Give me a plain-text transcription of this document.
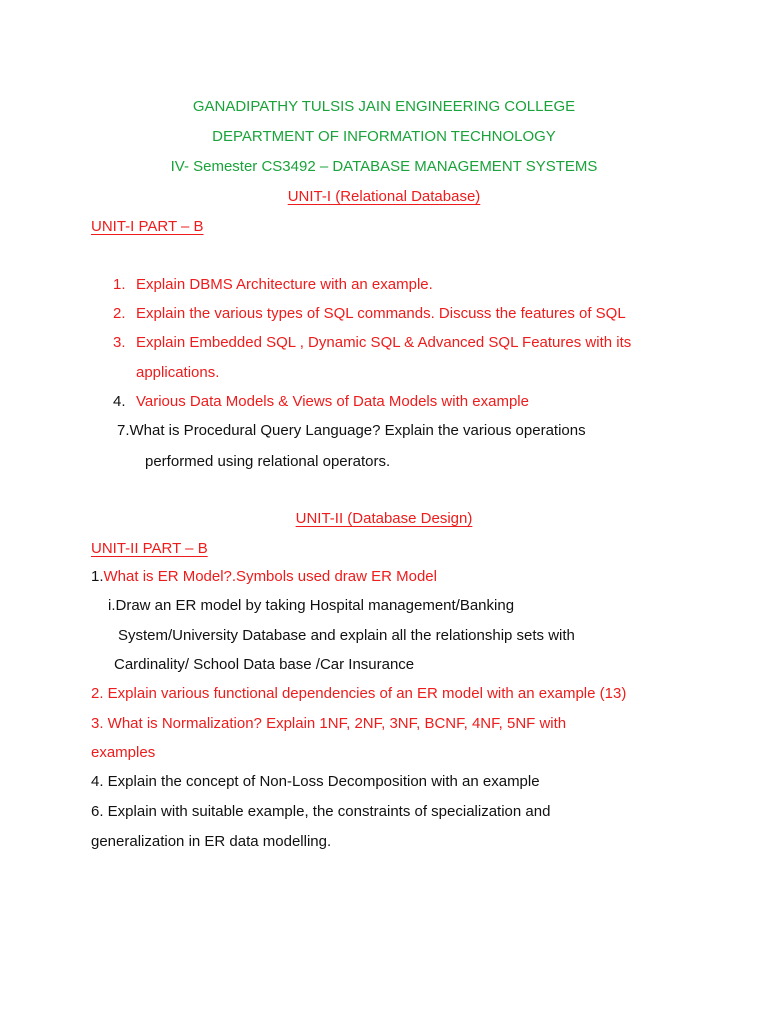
GANADIPATHY TULSIS JAIN ENGINEERING COLLEGE
DEPARTMENT OF INFORMATION TECHNOLOGY
IV- Semester CS3492 – DATABASE MANAGEMENT SYSTEMS
UNIT-I (Relational Database)
UNIT-I PART – B
1. Explain DBMS Architecture with an example.
2. Explain the various types of SQL commands. Discuss the features of SQL
3. Explain Embedded SQL , Dynamic SQL & Advanced SQL Features with its
applications.
4. Various Data Models & Views of Data Models with example
7.What is Procedural Query Language? Explain the various operations
performed using relational operators.
UNIT-II (Database Design)
UNIT-II PART – B
1.What is ER Model?.Symbols used draw ER Model
i.Draw an ER model by taking Hospital management/Banking
System/University Database and explain all the relationship sets with
Cardinality/ School Data base /Car Insurance
2. Explain various functional dependencies of an ER model with an example (13)
3. What is Normalization? Explain 1NF, 2NF, 3NF, BCNF, 4NF, 5NF with
examples
4. Explain the concept of Non-Loss Decomposition with an example
6. Explain with suitable example, the constraints of specialization and
generalization in ER data modelling.
